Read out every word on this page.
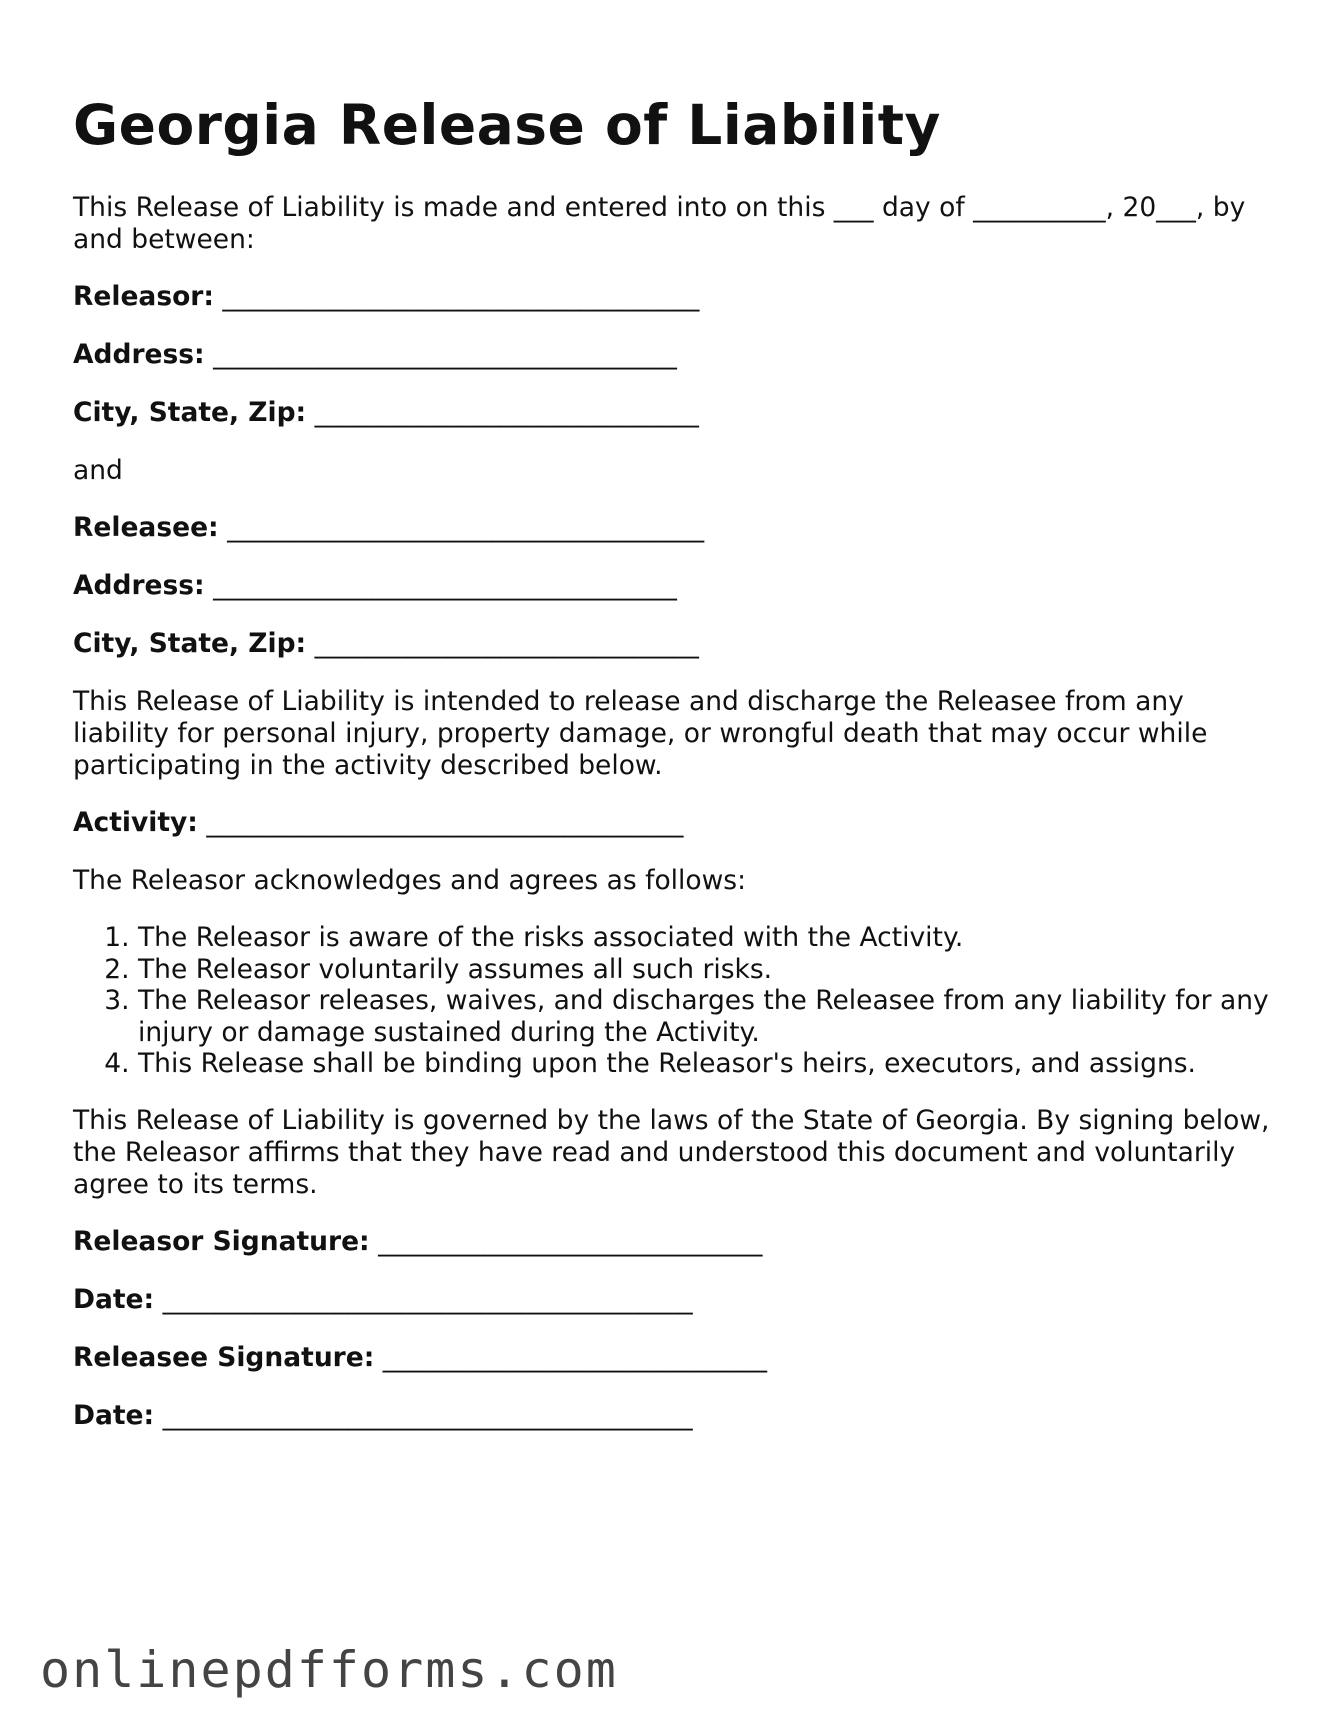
Georgia Release of Liability

This Release of Liability is made and entered into on this ___ day of __________, 20___, by and between:

Releasor: ____________________________________
Address: ___________________________________
City, State, Zip: _____________________________

and

Releasee: ____________________________________
Address: ___________________________________
City, State, Zip: _____________________________

This Release of Liability is intended to release and discharge the Releasee from any liability for personal injury, property damage, or wrongful death that may occur while participating in the activity described below.

Activity: ____________________________________

The Releasor acknowledges and agrees as follows:

1. The Releasor is aware of the risks associated with the Activity.
2. The Releasor voluntarily assumes all such risks.
3. The Releasor releases, waives, and discharges the Releasee from any liability for any injury or damage sustained during the Activity.
4. This Release shall be binding upon the Releasor's heirs, executors, and assigns.

This Release of Liability is governed by the laws of the State of Georgia. By signing below, the Releasor affirms that they have read and understood this document and voluntarily agree to its terms.

Releasor Signature: _____________________________
Date: ________________________________________
Releasee Signature: _____________________________
Date: ________________________________________
onlinepdfforms.com
